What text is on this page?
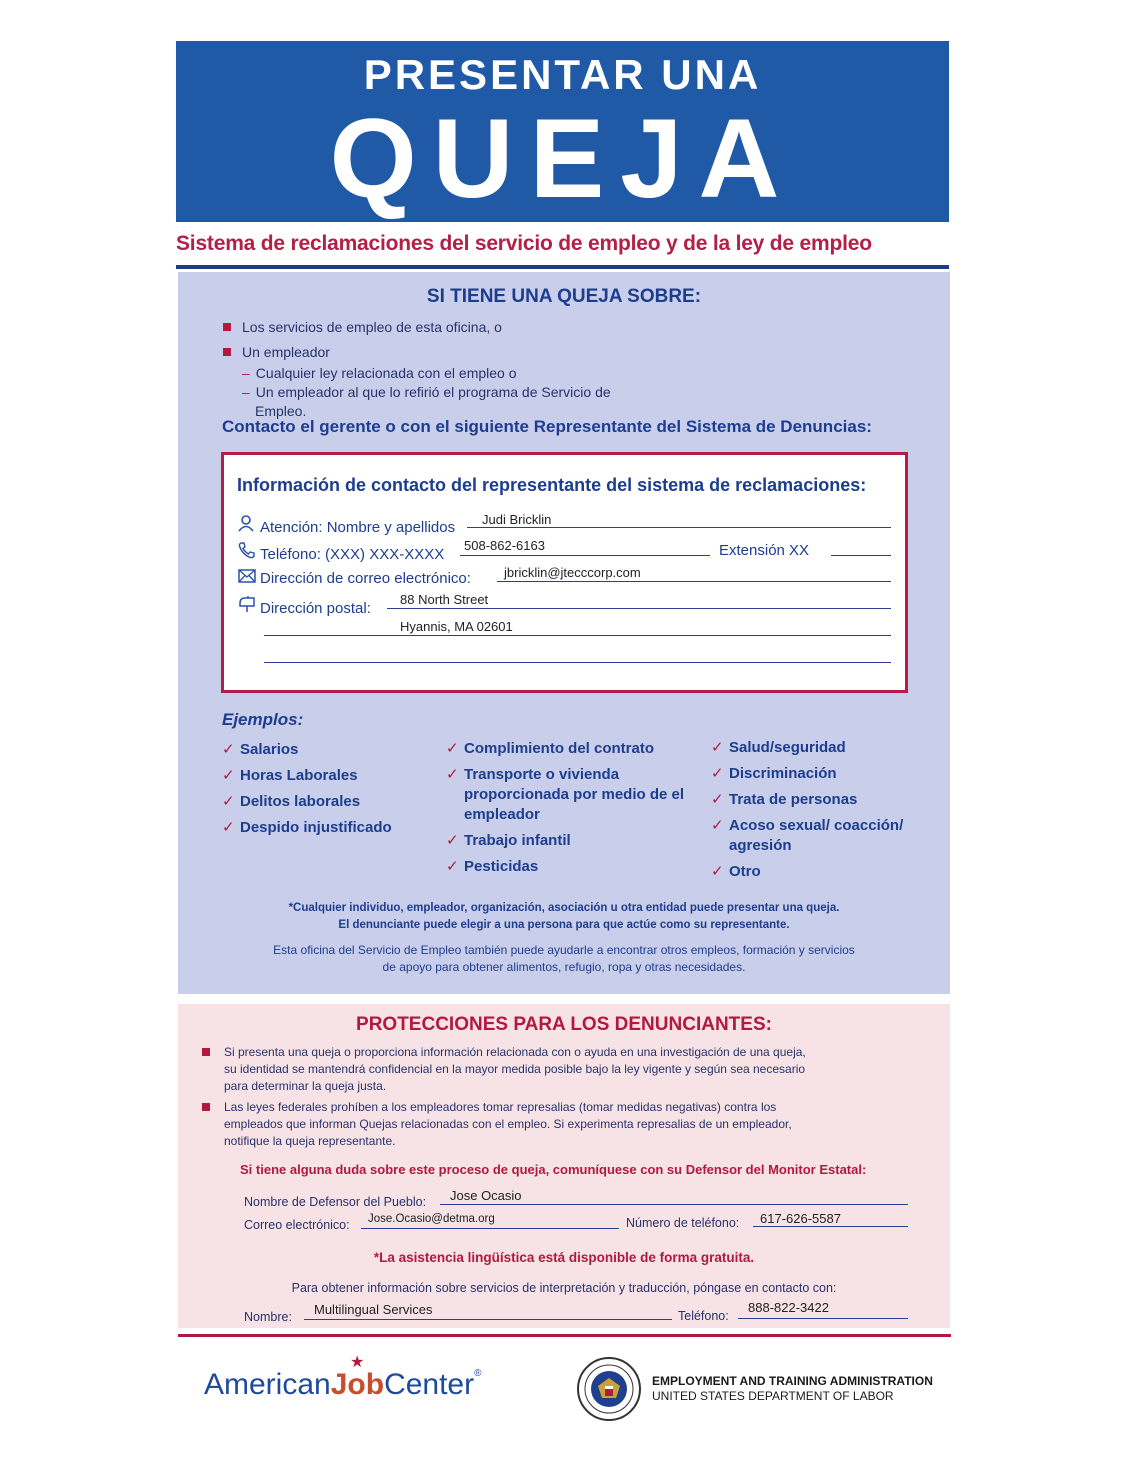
PRESENTAR UNA
QUEJA
Sistema de reclamaciones del servicio de empleo y de la ley de empleo
SI TIENE UNA QUEJA SOBRE:
Los servicios de empleo de esta oficina, o
Un empleador
– Cualquier ley relacionada con el empleo o
– Un empleador al que lo refirió el programa de Servicio de
Empleo.
Contacto el gerente o con el siguiente Representante del Sistema de Denuncias:
Información de contacto del representante del sistema de reclamaciones:
Atención: Nombre y apellidos Judi Bricklin
Teléfono: (XXX) XXX-XXXX
508-862-6163	Extensión XX
Dirección de correo electrónico:	jbricklin@jtecccorp.com
Dirección postal:
88 North Street
Hyannis, MA 02601
Ejemplos:
✓ Salarios
✓ Horas Laborales
✓ Delitos laborales
✓ Despido injustificado
✓ Complimiento del contrato
✓ Transporte o vivienda proporcionada por medio de el empleador
✓ Trabajo infantil
✓ Pesticidas
✓ Salud/seguridad
✓ Discriminación
✓ Trata de personas
✓ Acoso sexual/ coacción/ agresión
✓ Otro
*Cualquier individuo, empleador, organización, asociación u otra entidad puede presentar una queja.
El denunciante puede elegir a una persona para que actúe como su representante.
Esta oficina del Servicio de Empleo también puede ayudarle a encontrar otros empleos, formación y servicios
de apoyo para obtener alimentos, refugio, ropa y otras necesidades.
PROTECCIONES PARA LOS DENUNCIANTES:
Si presenta una queja o proporciona información relacionada con o ayuda en una investigación de una queja,
su identidad se mantendrá confidencial en la mayor medida posible bajo la ley vigente y según sea necesario
para determinar la queja justa.
Las leyes federales prohíben a los empleadores tomar represalias (tomar medidas negativas) contra los
empleados que informan Quejas relacionadas con el empleo. Si experimenta represalias de un empleador,
notifique la queja representante.
Si tiene alguna duda sobre este proceso de queja, comuníquese con su Defensor del Monitor Estatal:
Nombre de Defensor del Pueblo: Jose Ocasio
Correo electrónico: Jose.Ocasio@detma.org	Número de teléfono: 617-626-5587
*La asistencia lingüística está disponible de forma gratuita.
Para obtener información sobre servicios de interpretación y traducción, póngase en contacto con:
Nombre: Multilingual Services	Teléfono:
888-822-3422
AmericanJobCenter®
★
EMPLOYMENT AND TRAINING ADMINISTRATION
UNITED STATES DEPARTMENT OF LABOR
